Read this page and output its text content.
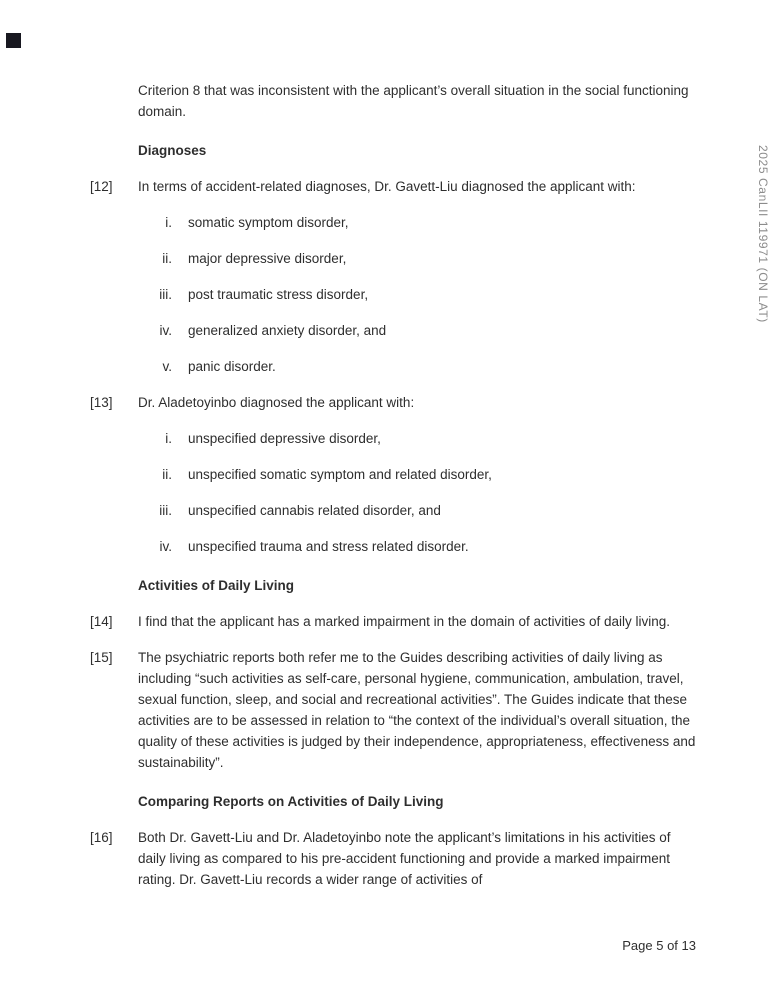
2025 CanLII 119971 (ON LAT)
Criterion 8 that was inconsistent with the applicant’s overall situation in the social functioning domain.
Diagnoses
[12] In terms of accident-related diagnoses, Dr. Gavett-Liu diagnosed the applicant with:
i.	somatic symptom disorder,
ii.	major depressive disorder,
iii.	post traumatic stress disorder,
iv.	generalized anxiety disorder, and
v.	panic disorder.
[13] Dr. Aladetoyinbo diagnosed the applicant with:
i.	unspecified depressive disorder,
ii.	unspecified somatic symptom and related disorder,
iii.	unspecified cannabis related disorder, and
iv.	unspecified trauma and stress related disorder.
Activities of Daily Living
[14] I find that the applicant has a marked impairment in the domain of activities of daily living.
[15] The psychiatric reports both refer me to the Guides describing activities of daily living as including “such activities as self-care, personal hygiene, communication, ambulation, travel, sexual function, sleep, and social and recreational activities”. The Guides indicate that these activities are to be assessed in relation to “the context of the individual’s overall situation, the quality of these activities is judged by their independence, appropriateness, effectiveness and sustainability”.
Comparing Reports on Activities of Daily Living
[16] Both Dr. Gavett-Liu and Dr. Aladetoyinbo note the applicant’s limitations in his activities of daily living as compared to his pre-accident functioning and provide a marked impairment rating. Dr. Gavett-Liu records a wider range of activities of
Page 5 of 13
